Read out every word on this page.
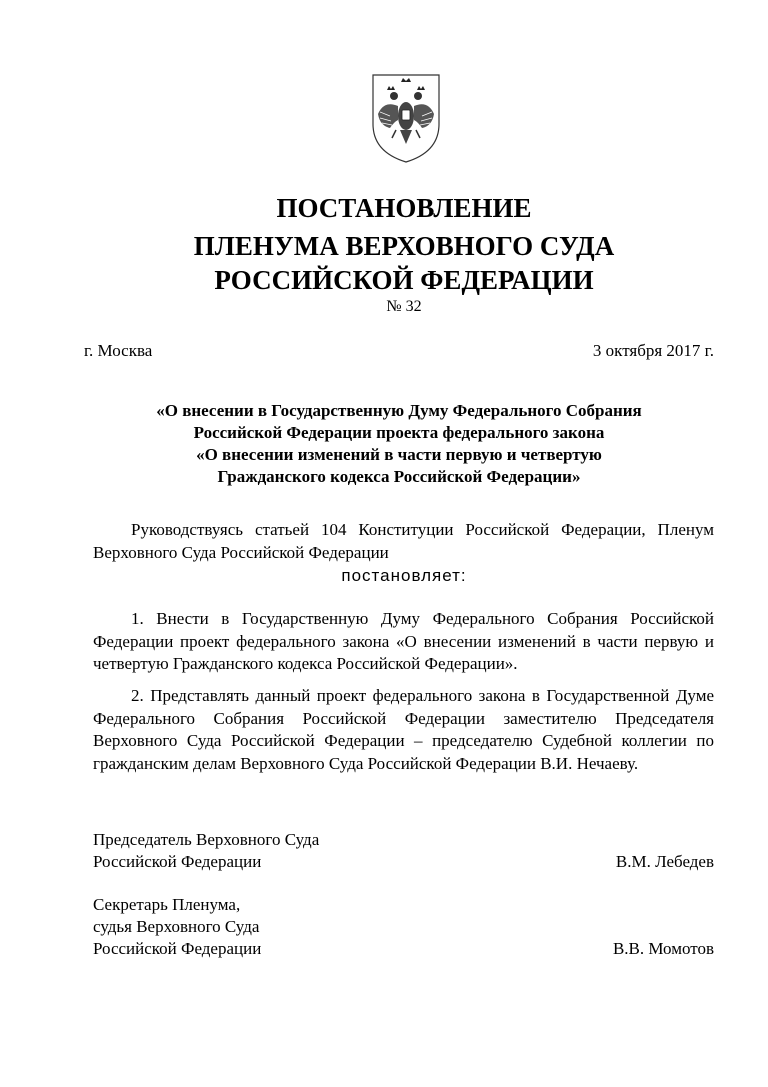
ПОСТАНОВЛЕНИЕ
ПЛЕНУМА ВЕРХОВНОГО СУДА
РОССИЙСКОЙ ФЕДЕРАЦИИ
№ 32
г. Москва	3 октября 2017 г.
«О внесении в Государственную Думу Федерального Собрания
Российской Федерации проекта федерального закона
«О внесении изменений в части первую и четвертую
Гражданского кодекса Российской Федерации»
Руководствуясь статьей 104 Конституции Российской Федерации, Пленум Верховного Суда Российской Федерации
постановляет:
1. Внести в Государственную Думу Федерального Собрания Российской Федерации проект федерального закона «О внесении изменений в части первую и четвертую Гражданского кодекса Российской Федерации».
2. Представлять данный проект федерального закона в Государственной Думе Федерального Собрания Российской Федерации заместителю Председателя Верховного Суда Российской Федерации – председателю Судебной коллегии по гражданским делам Верховного Суда Российской Федерации В.И. Нечаеву.
Председатель Верховного Суда
Российской Федерации	В.М. Лебедев
Секретарь Пленума,
судья Верховного Суда
Российской Федерации	В.В. Момотов
